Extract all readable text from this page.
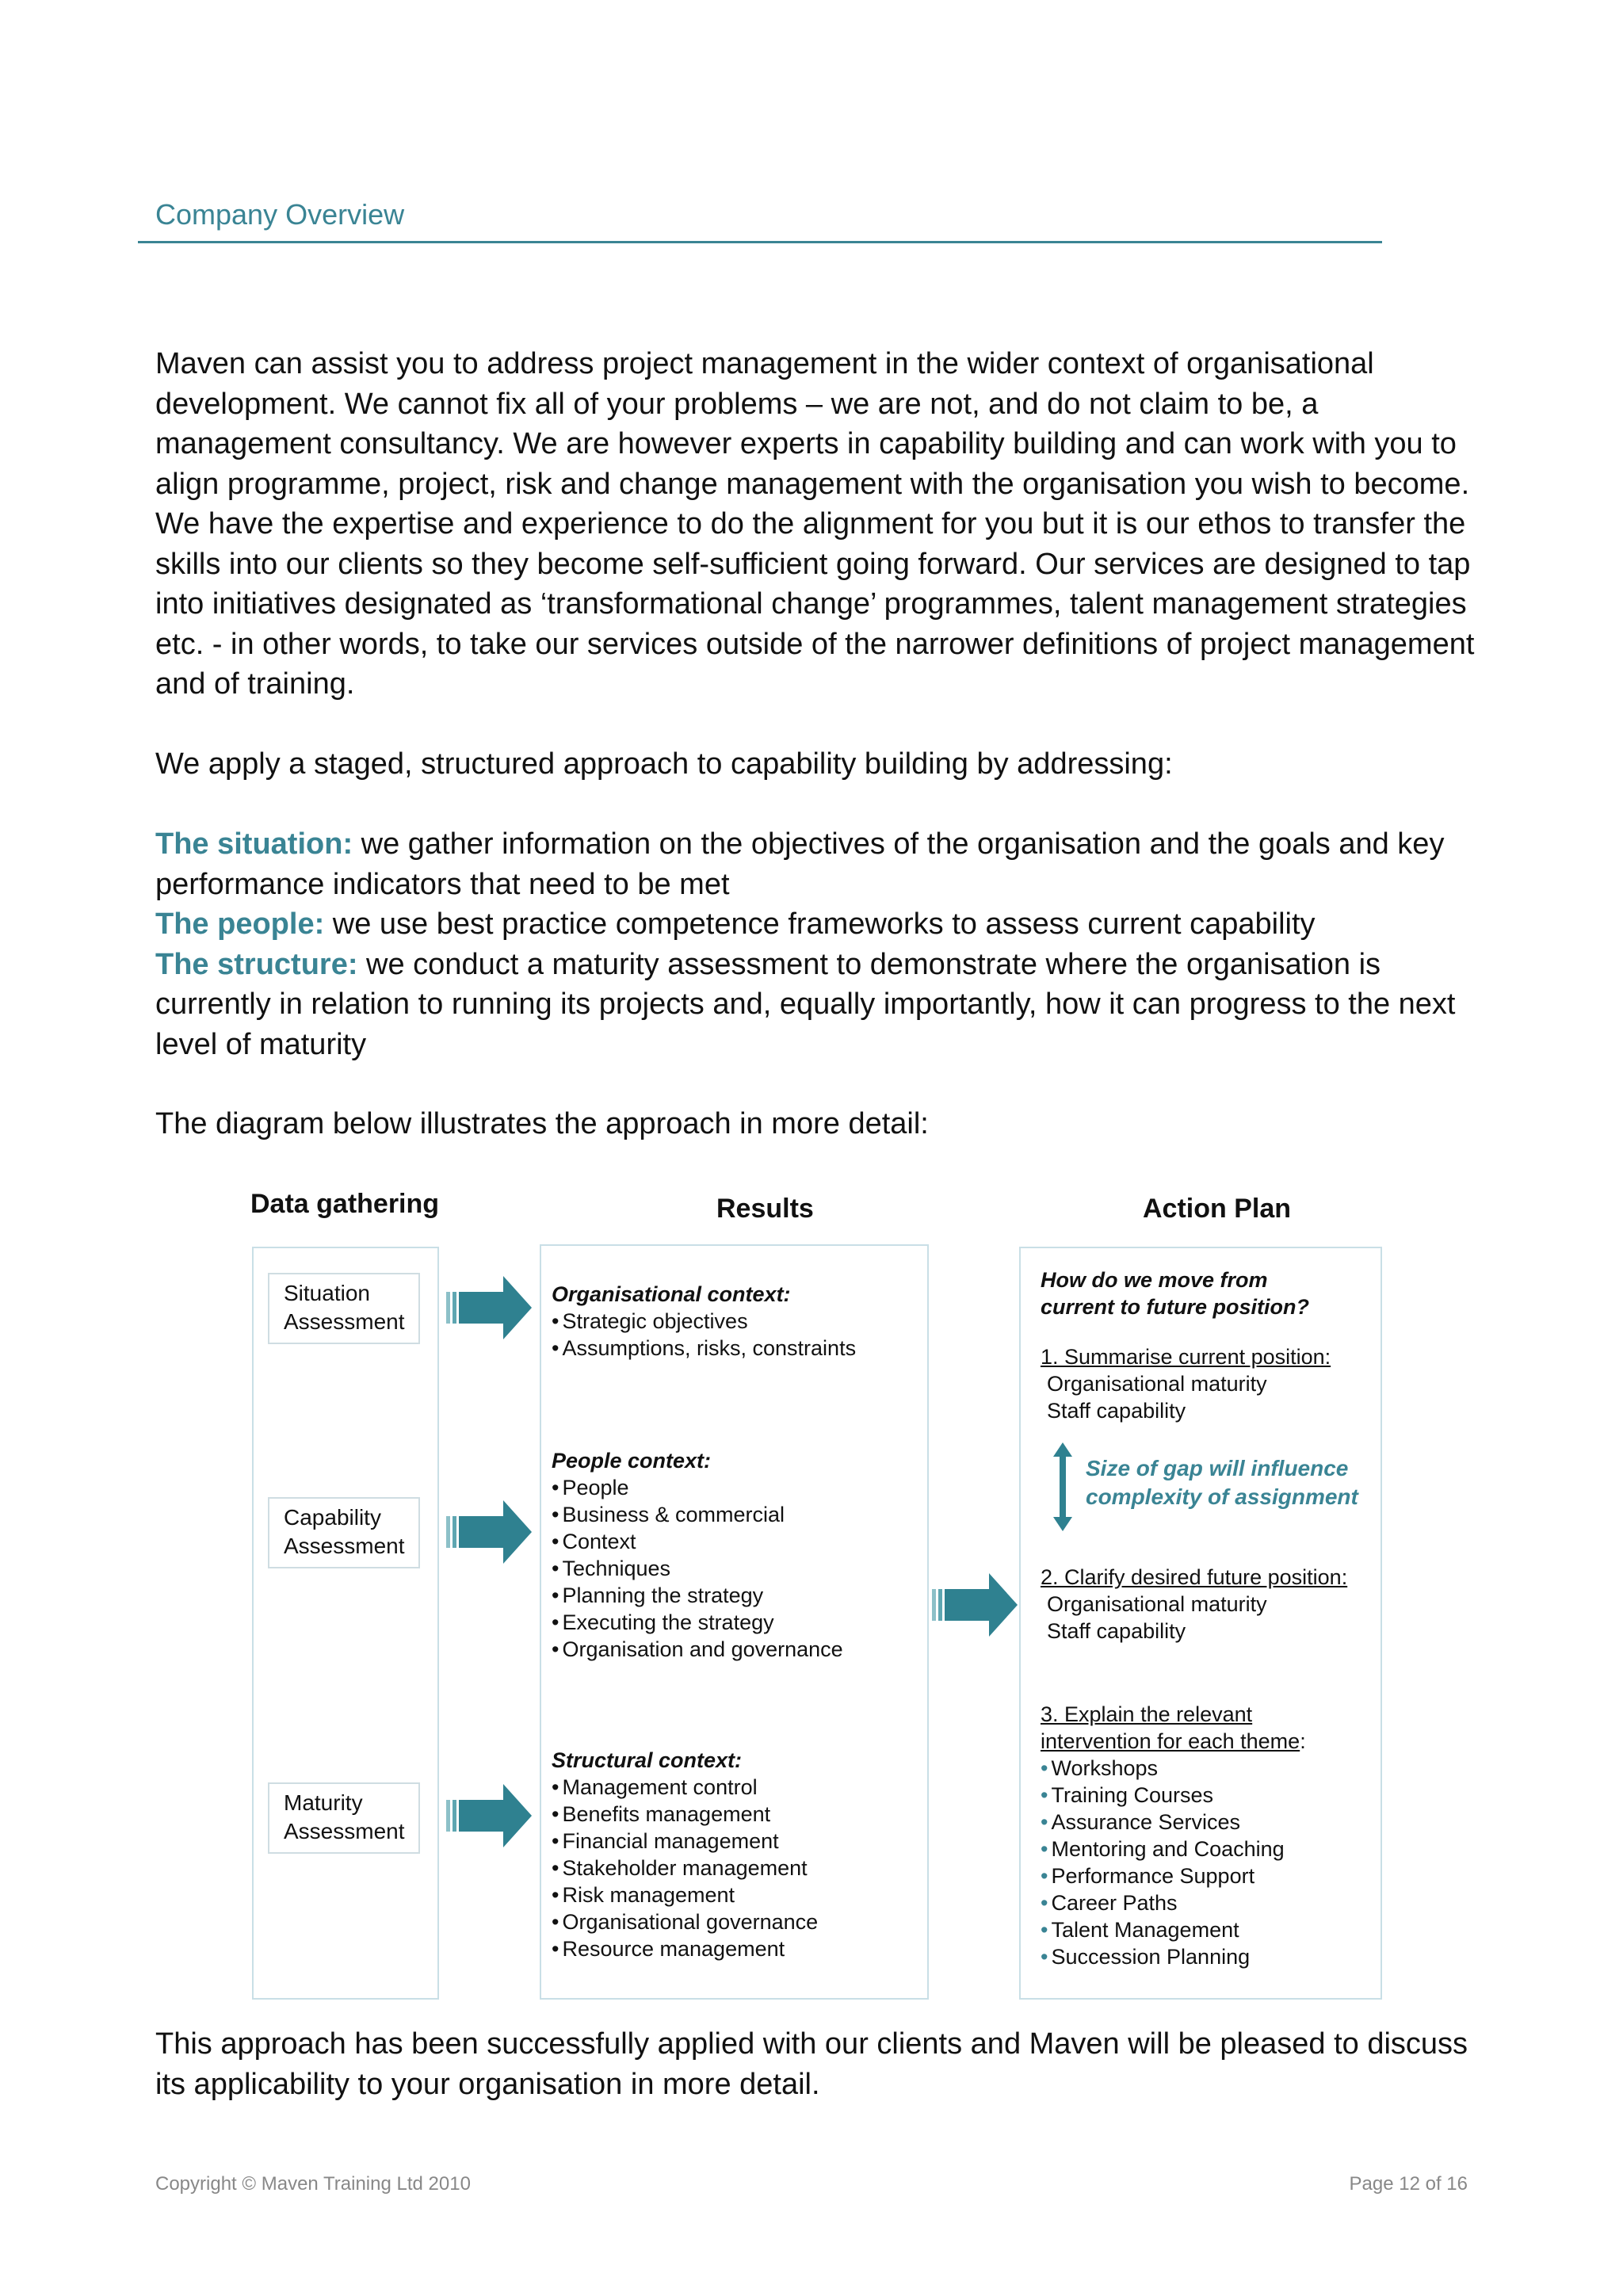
Company Overview

Maven can assist you to address project management in the wider context of organisational development. We cannot fix all of your problems – we are not, and do not claim to be, a management consultancy. We are however experts in capability building and can work with you to align programme, project, risk and change management with the organisation you wish to become. We have the expertise and experience to do the alignment for you but it is our ethos to transfer the skills into our clients so they become self-sufficient going forward. Our services are designed to tap into initiatives designated as ‘transformational change’ programmes, talent management strategies etc. - in other words, to take our services outside of the narrower definitions of project management and of training.

We apply a staged, structured approach to capability building by addressing:

The situation: we gather information on the objectives of the organisation and the goals and key performance indicators that need to be met
The people: we use best practice competence frameworks to assess current capability
The structure: we conduct a maturity assessment to demonstrate where the organisation is currently in relation to running its projects and, equally importantly, how it can progress to the next level of maturity

The diagram below illustrates the approach in more detail:

Data gathering	Results	Action Plan
Situation
Assessment
Capability
Assessment
Maturity
Assessment
Organisational context:
• Strategic objectives
• Assumptions, risks, constraints
People context:
• People
• Business & commercial
• Context
• Techniques
• Planning the strategy
• Executing the strategy
• Organisation and governance
Structural context:
• Management control
• Benefits management
• Financial management
• Stakeholder management
• Risk management
• Organisational governance
• Resource management
How do we move from
current to future position?
1. Summarise current position:
Organisational maturity
Staff capability
Size of gap will influence
complexity of assignment
2. Clarify desired future position:
Organisational maturity
Staff capability
3. Explain the relevant
intervention for each theme:
• Workshops
• Training Courses
• Assurance Services
• Mentoring and Coaching
• Performance Support
• Career Paths
• Talent Management
• Succession Planning

This approach has been successfully applied with our clients and Maven will be pleased to discuss its applicability to your organisation in more detail.

Copyright © Maven Training Ltd 2010	Page 12 of 16
